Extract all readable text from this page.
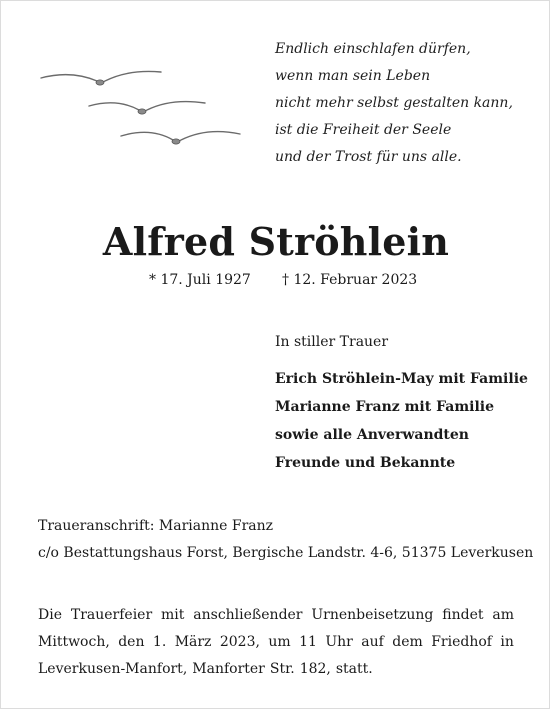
Endlich einschlafen dürfen,
wenn man sein Leben
nicht mehr selbst gestalten kann,
ist die Freiheit der Seele
und der Trost für uns alle.
Alfred Ströhlein
* 17. Juli 1927 † 12. Februar 2023
In stiller Trauer
Erich Ströhlein-May mit Familie
Marianne Franz mit Familie
sowie alle Anverwandten
Freunde und Bekannte
Traueranschrift: Marianne Franz
c/o Bestattungshaus Forst, Bergische Landstr. 4-6, 51375 Leverkusen
Die Trauerfeier mit anschließender Urnenbeisetzung findet am
Mittwoch, den 1. März 2023, um 11 Uhr auf dem Friedhof in
Leverkusen-Manfort, Manforter Str. 182, statt.
